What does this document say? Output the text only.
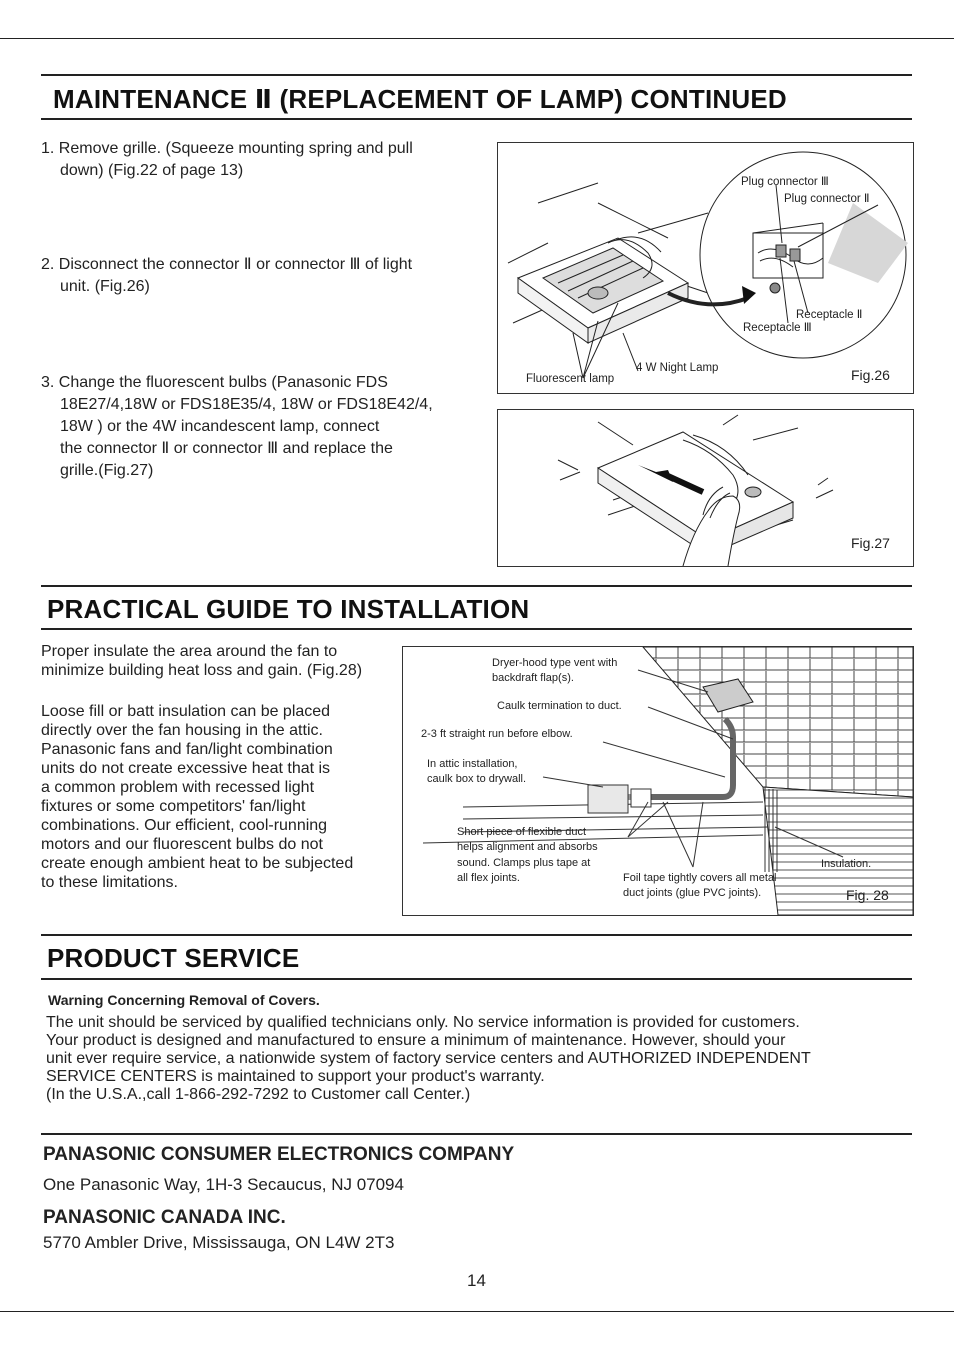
MAINTENANCE Ⅱ (REPLACEMENT OF LAMP) CONTINUED
1. Remove grille. (Squeeze mounting spring and pull
down) (Fig.22 of page 13)
2. Disconnect the connector Ⅱ or connector Ⅲ of light
unit. (Fig.26)
3. Change the fluorescent bulbs (Panasonic FDS
18E27/4,18W or FDS18E35/4, 18W or FDS18E42/4,
18W ) or the 4W incandescent lamp, connect
the connector Ⅱ or connector Ⅲ and replace the
grille.(Fig.27)
Plug connector Ⅲ
Plug connector Ⅱ
Receptacle Ⅱ
Receptacle Ⅲ
4 W Night Lamp
Fluorescent lamp	Fig.26
Fig.27
PRACTICAL GUIDE TO INSTALLATION
Proper insulate the area around the fan to
minimize building heat loss and gain. (Fig.28)
Loose fill or batt insulation can be placed
directly over the fan housing in the attic.
Panasonic fans and fan/light combination
units do not create excessive heat that is
a common problem with recessed light
fixtures or some competitors' fan/light
combinations. Our efficient, cool-running
motors and our fluorescent bulbs do not
create enough ambient heat to be subjected
to these limitations.
Dryer-hood type vent with
backdraft flap(s).
Caulk termination to duct.
2-3 ft straight run before elbow.
In attic installation,
caulk box to drywall.
Short piece of flexible duct
helps alignment and absorbs
sound. Clamps plus tape at
all flex joints.	Foil tape tightly covers all metal
duct joints (glue PVC joints).
Insulation.
Fig. 28
PRODUCT SERVICE
Warning Concerning Removal of Covers.
The unit should be serviced by qualified technicians only. No service information is provided for customers.
Your product is designed and manufactured to ensure a minimum of maintenance. However, should your
unit ever require service, a nationwide system of factory service centers and AUTHORIZED INDEPENDENT
SERVICE CENTERS is maintained to support your product's warranty.
(In the U.S.A.,call 1-866-292-7292 to Customer call Center.)
PANASONIC CONSUMER ELECTRONICS COMPANY
One Panasonic Way, 1H-3 Secaucus, NJ 07094
PANASONIC CANADA INC.
5770 Ambler Drive, Mississauga, ON L4W 2T3
14
